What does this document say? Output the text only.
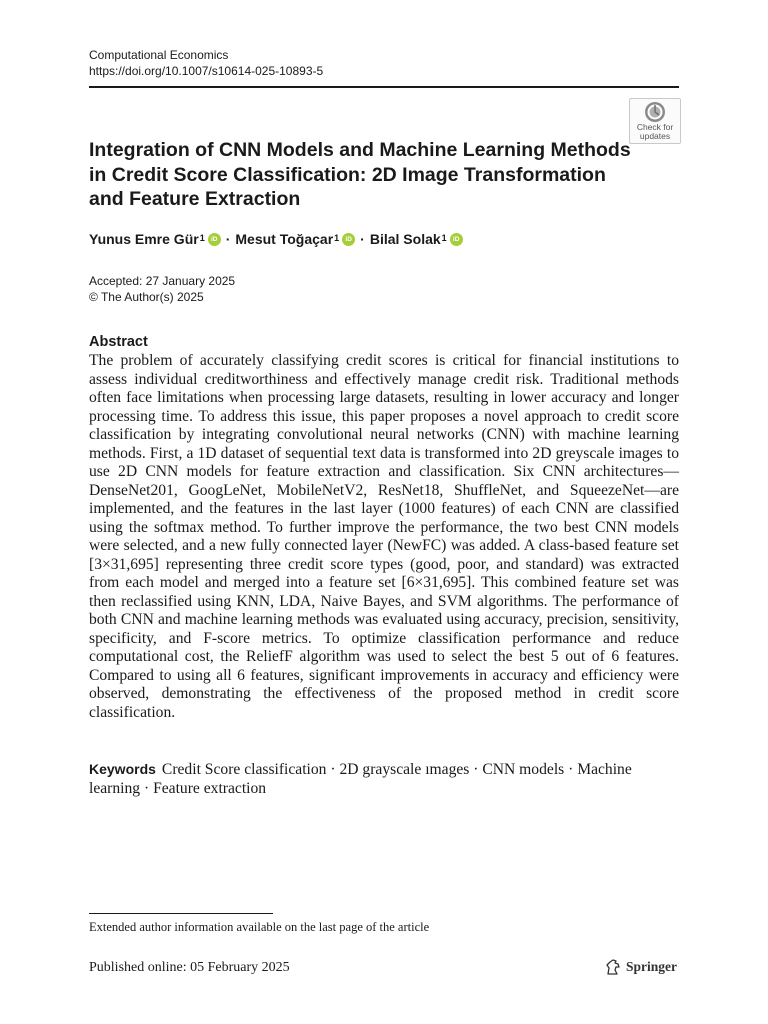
Computational Economics
https://doi.org/10.1007/s10614-025-10893-5
Check for
updates
Integration of CNN Models and Machine Learning Methods in Credit Score Classification: 2D Image Transformation and Feature Extraction
Yunus Emre Gür$^1$ iD · Mesut Toğaçar$^1$ iD · Bilal Solak$^1$ iD
Accepted: 27 January 2025
© The Author(s) 2025
Abstract
The problem of accurately classifying credit scores is critical for financial institutions to assess individual creditworthiness and effectively manage credit risk. Traditional methods often face limitations when processing large datasets, resulting in lower accuracy and longer processing time. To address this issue, this paper proposes a novel approach to credit score classification by integrating convolutional neural networks (CNN) with machine learning methods. First, a 1D dataset of sequential text data is transformed into 2D greyscale images to use 2D CNN models for feature extraction and classification. Six CNN architectures—DenseNet201, GoogLeNet, MobileNetV2, ResNet18, ShuffleNet, and SqueezeNet—are implemented, and the features in the last layer (1000 features) of each CNN are classified using the softmax method. To further improve the performance, the two best CNN models were selected, and a new fully connected layer (NewFC) was added. A class-based feature set [3×31,695] representing three credit score types (good, poor, and standard) was extracted from each model and merged into a feature set [6×31,695]. This combined feature set was then reclassified using KNN, LDA, Naive Bayes, and SVM algorithms. The performance of both CNN and machine learning methods was evaluated using accuracy, precision, sensitivity, specificity, and F-score metrics. To optimize classification performance and reduce computational cost, the ReliefF algorithm was used to select the best 5 out of 6 features. Compared to using all 6 features, significant improvements in accuracy and efficiency were observed, demonstrating the effectiveness of the proposed method in credit score classification.
Keywords Credit Score classification · 2D grayscale ımages · CNN models · Machine learning · Feature extraction
Extended author information available on the last page of the article
Published online: 05 February 2025	Springer
